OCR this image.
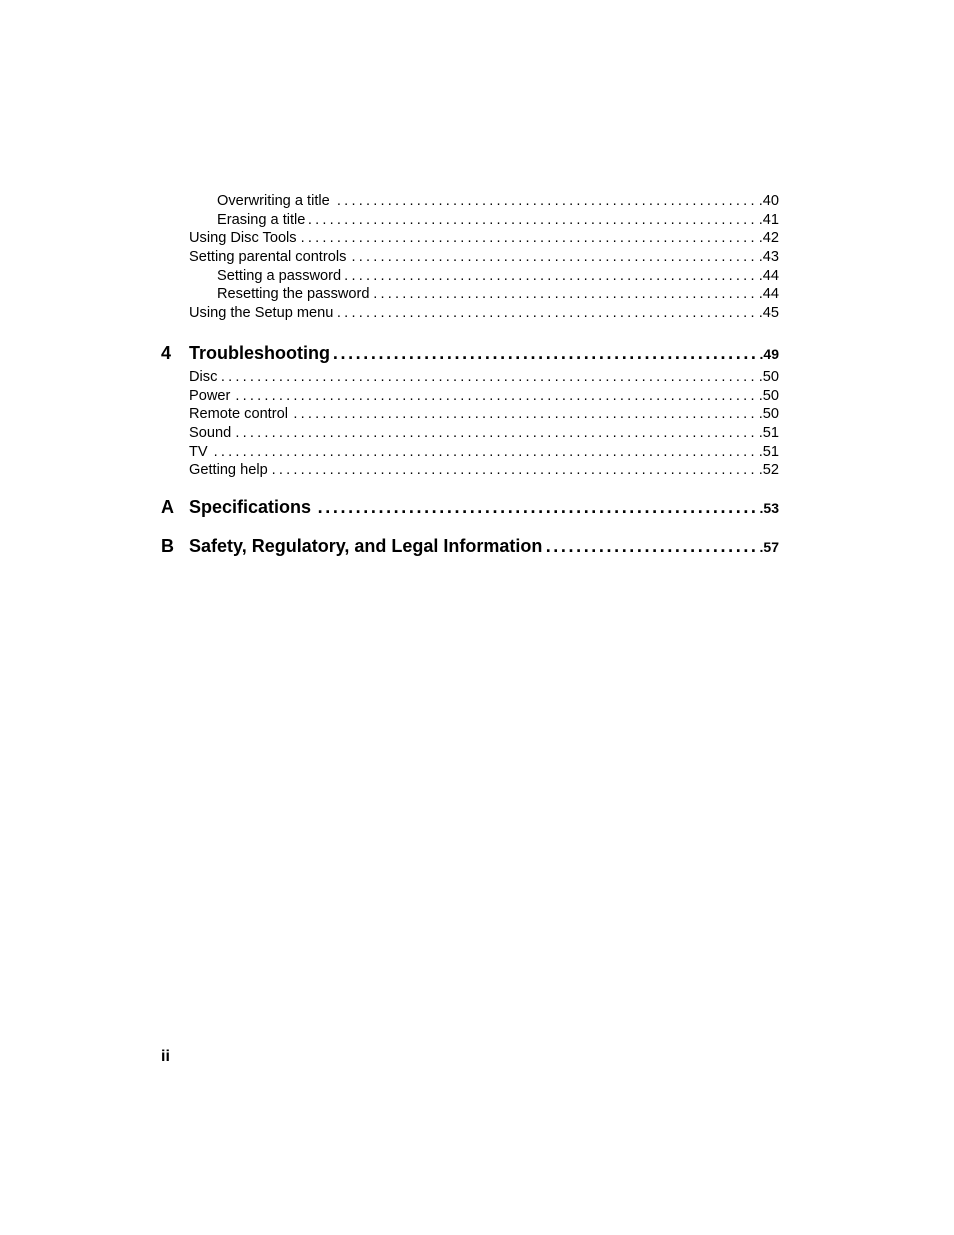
Overwriting a title .....	.40
Erasing a title .....	.41
Using Disc Tools .....	.42
Setting parental controls .....	.43
Setting a password .....	.44
Resetting the password .....	.44
Using the Setup menu .....	.45
4 Troubleshooting .....	.49
Disc .....	.50
Power .....	.50
Remote control .....	.50
Sound .....	.51
TV .....	.51
Getting help .....	.52
A Specifications .....	.53
B Safety, Regulatory, and Legal Information .....	.57
ii
